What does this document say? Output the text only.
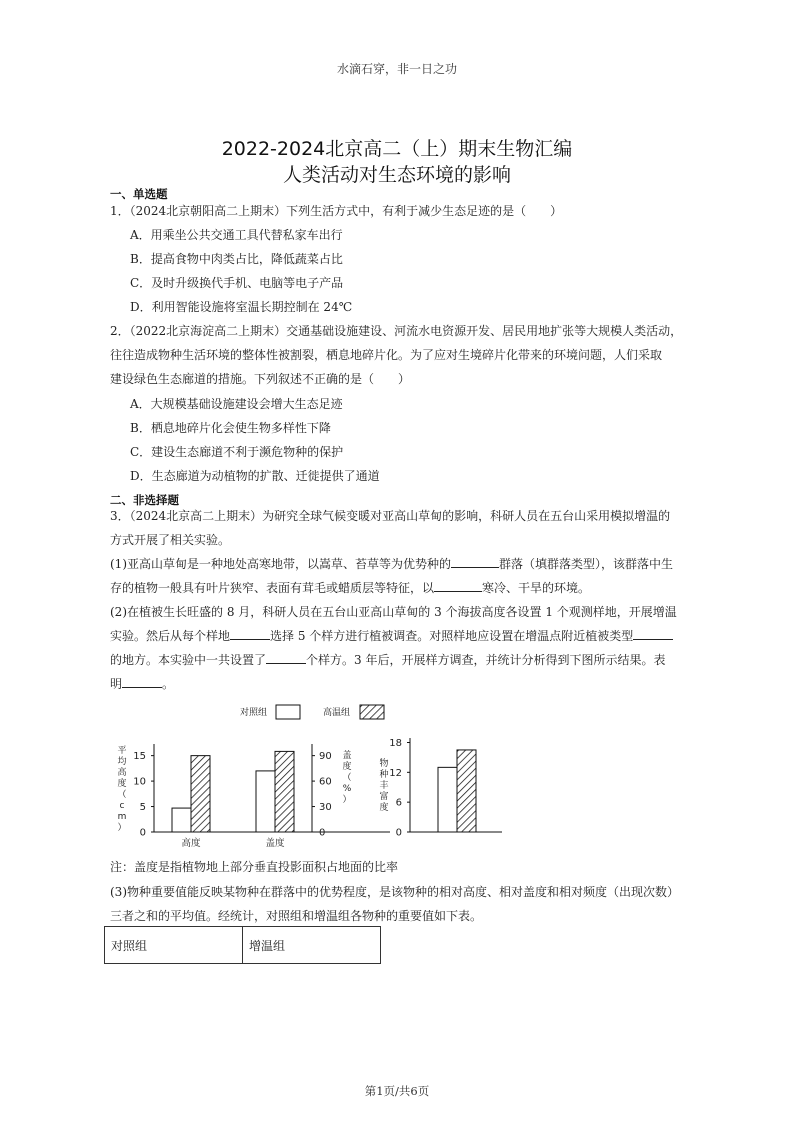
水滴石穿，非一日之功
2022-2024北京高二（上）期末生物汇编
人类活动对生态环境的影响
一、单选题
1．（2024北京朝阳高二上期末）下列生活方式中，有利于减少生态足迹的是（　　）
A．用乘坐公共交通工具代替私家车出行
B．提高食物中肉类占比，降低蔬菜占比
C．及时升级换代手机、电脑等电子产品
D．利用智能设施将室温长期控制在 24℃
2．（2022北京海淀高二上期末）交通基础设施建设、河流水电资源开发、居民用地扩张等大规模人类活动，
往往造成物种生活环境的整体性被割裂，栖息地碎片化。为了应对生境碎片化带来的环境问题，人们采取
建设绿色生态廊道的措施。下列叙述不正确的是（　　）
A．大规模基础设施建设会增大生态足迹
B．栖息地碎片化会使生物多样性下降
C．建设生态廊道不利于濒危物种的保护
D．生态廊道为动植物的扩散、迁徙提供了通道
二、非选择题
3．（2024北京高二上期末）为研究全球气候变暖对亚高山草甸的影响，科研人员在五台山采用模拟增温的
方式开展了相关实验。
(1)亚高山草甸是一种地处高寒地带，以嵩草、苔草等为优势种的	群落（填群落类型），该群落中生
存的植物一般具有叶片狭窄、表面有茸毛或蜡质层等特征，以	寒冷、干旱的环境。
(2)在植被生长旺盛的 8 月，科研人员在五台山亚高山草甸的 3 个海拔高度各设置 1 个观测样地，开展增温
实验。然后从每个样地	选择 5 个样方进行植被调查。对照样地应设置在增温点附近植被类型
的地方。本实验中一共设置了	个样方。3 年后，开展样方调查，并统计分析得到下图所示结果。表
明	。
对照组	高温组
0
5
10
15
0
30
60
90
平
均
高
度
（
c
m
）
盖
度
（
%
）
高度	盖度
0
6
12
18
物
种
丰
富
度
注：盖度是指植物地上部分垂直投影面积占地面的比率
(3)物种重要值能反映某物种在群落中的优势程度，是该物种的相对高度、相对盖度和相对频度（出现次数）
三者之和的平均值。经统计，对照组和增温组各物种的重要值如下表。
对照组	增温组
第1页/共6页
